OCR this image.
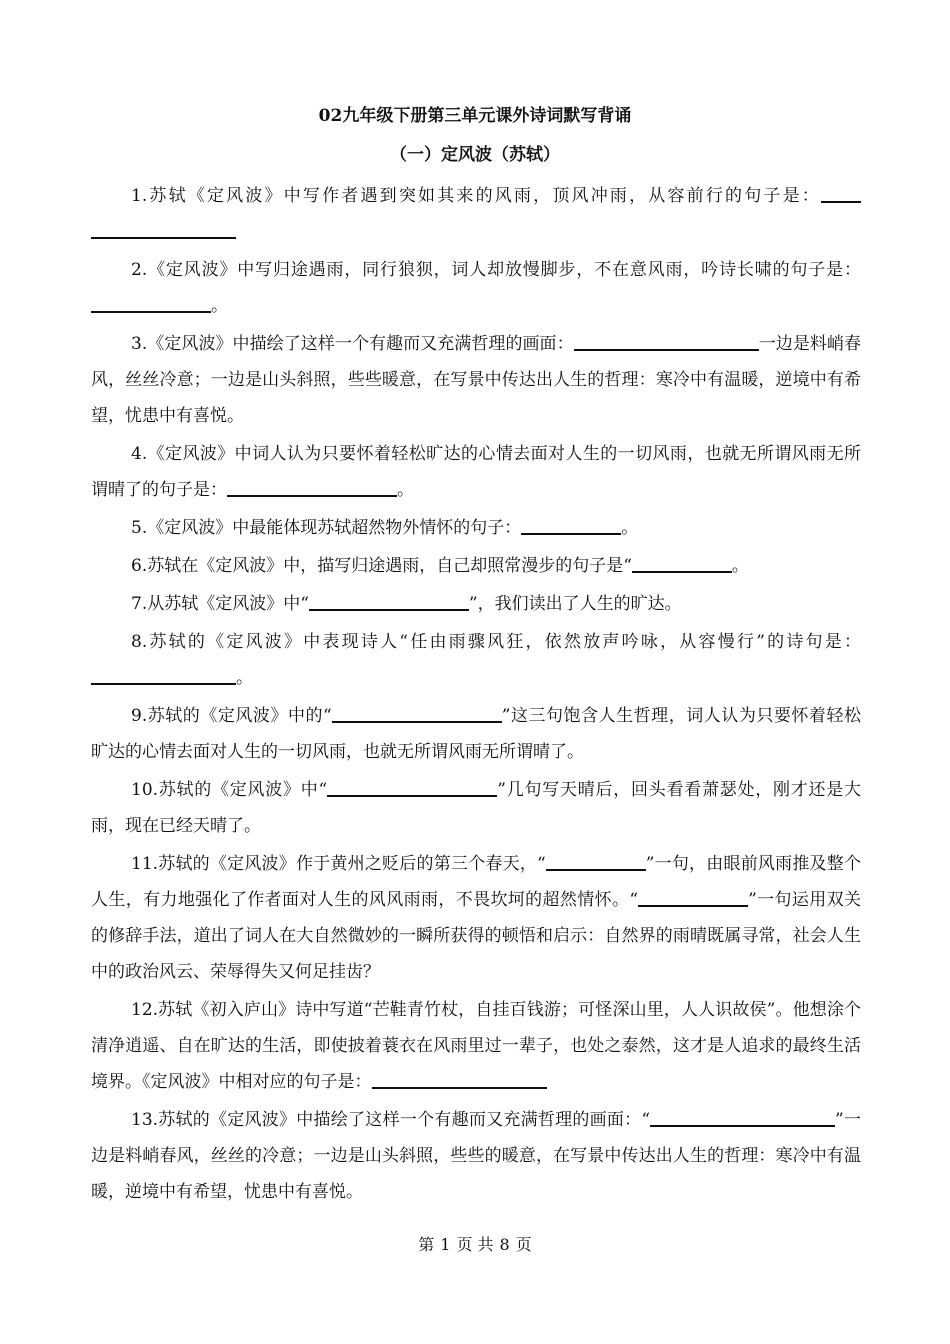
02九年级下册第三单元课外诗词默写背诵
（一）定风波（苏轼）

1.苏轼《定风波》中写作者遇到突如其来的风雨，顶风冲雨，从容前行的句子是：

2.《定风波》中写归途遇雨，同行狼狈，词人却放慢脚步，不在意风雨，吟诗长啸的句子是：。

3.《定风波》中描绘了这样一个有趣而又充满哲理的画面：	一边是料峭春风，丝丝冷意；一边是山头斜照，些些暖意，在写景中传达出人生的哲理：寒冷中有温暖，逆境中有希望，忧患中有喜悦。

4.《定风波》中词人认为只要怀着轻松旷达的心情去面对人生的一切风雨，也就无所谓风雨无所谓晴了的句子是：	。

5.《定风波》中最能体现苏轼超然物外情怀的句子：	。

6.苏轼在《定风波》中，描写归途遇雨，自己却照常漫步的句子是“	。

7.从苏轼《定风波》中“	”，我们读出了人生的旷达。

8.苏轼的《定风波》中表现诗人“任由雨骤风狂，依然放声吟咏，从容慢行”的诗句是：。

9.苏轼的《定风波》中的“	”这三句饱含人生哲理，词人认为只要怀着轻松旷达的心情去面对人生的一切风雨，也就无所谓风雨无所谓晴了。

10.苏轼的《定风波》中“	”几句写天晴后，回头看看萧瑟处，刚才还是大雨，现在已经天晴了。

11.苏轼的《定风波》作于黄州之贬后的第三个春天，“	”一句，由眼前风雨推及整个人生，有力地强化了作者面对人生的风风雨雨，不畏坎坷的超然情怀。“	”一句运用双关的修辞手法，道出了词人在大自然微妙的一瞬所获得的顿悟和启示：自然界的雨晴既属寻常，社会人生中的政治风云、荣辱得失又何足挂齿？

12.苏轼《初入庐山》诗中写道“芒鞋青竹杖，自挂百钱游；可怪深山里，人人识故侯”。他想涂个清净逍遥、自在旷达的生活，即使披着蓑衣在风雨里过一辈子，也处之泰然，这才是人追求的最终生活境界。《定风波》中相对应的句子是：

13.苏轼的《定风波》中描绘了这样一个有趣而又充满哲理的画面：“	”一边是料峭春风，丝丝的冷意；一边是山头斜照，些些的暖意，在写景中传达出人生的哲理：寒冷中有温暖，逆境中有希望，忧患中有喜悦。

第 1 页 共 8 页
